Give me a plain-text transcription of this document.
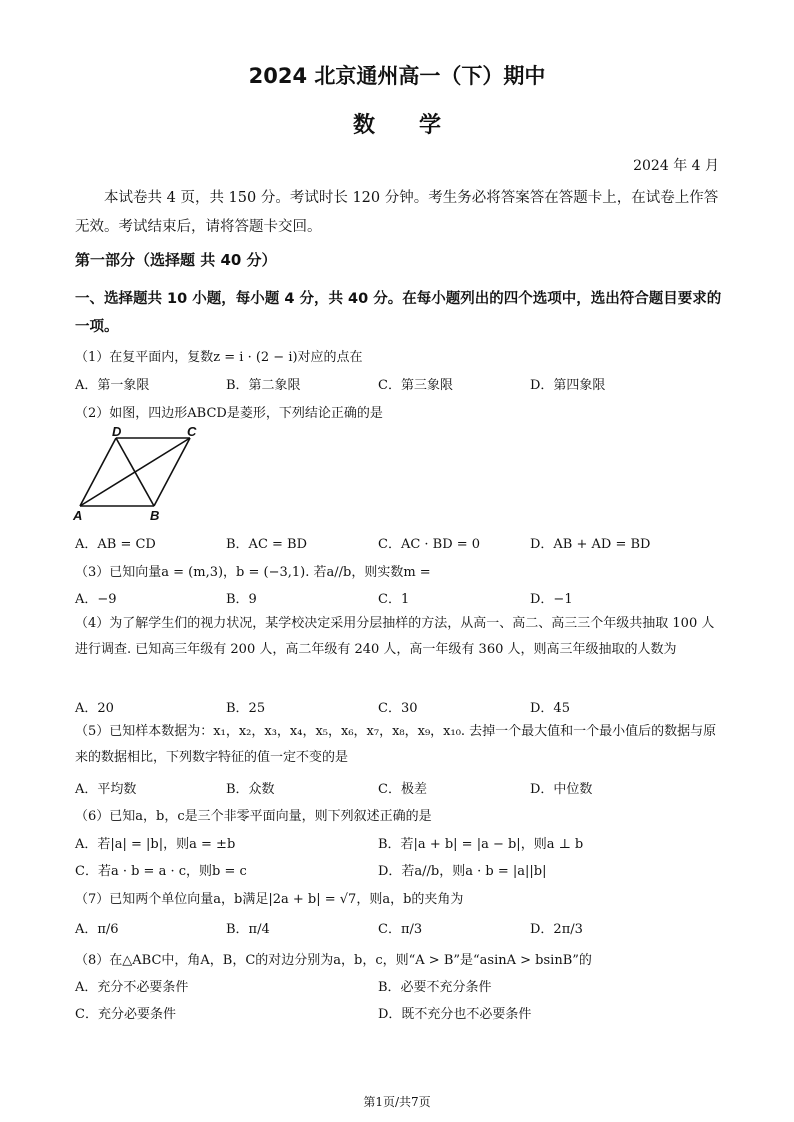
2024 北京通州高一（下）期中
数　　学
2024 年 4 月
本试卷共 4 页，共 150 分。考试时长 120 分钟。考生务必将答案答在答题卡上，在试卷上作答无效。考试结束后，请将答题卡交回。
第一部分（选择题 共 40 分）
一、选择题共 10 小题，每小题 4 分，共 40 分。在每小题列出的四个选项中，选出符合题目要求的一项。
（1）在复平面内，复数z = i · (2 − i)对应的点在
A．第一象限	B．第二象限	C．第三象限	D．第四象限
（2）如图，四边形ABCD是菱形，下列结论正确的是
D	C
A	B
A．AB = CD	B．AC = BD	C．AC · BD = 0	D．AB + AD = BD
（3）已知向量a = (m,3)，b = (−3,1). 若a//b，则实数m =
A．−9	B．9	C．1	D．−1
（4）为了解学生们的视力状况，某学校决定采用分层抽样的方法，从高一、高二、高三三个年级共抽取 100 人进行调查. 已知高三年级有 200 人，高二年级有 240 人，高一年级有 360 人，则高三年级抽取的人数为
A．20	B．25	C．30	D．45
（5）已知样本数据为：x₁，x₂，x₃，x₄，x₅，x₆，x₇，x₈，x₉，x₁₀. 去掉一个最大值和一个最小值后的数据与原来的数据相比，下列数字特征的值一定不变的是
A．平均数	B．众数	C．极差	D．中位数
（6）已知a，b，c是三个非零平面向量，则下列叙述正确的是
A．若|a| = |b|，则a = ±b	B．若|a + b| = |a − b|，则a ⊥ b
C．若a · b = a · c，则b = c	D．若a//b，则a · b = |a||b|
（7）已知两个单位向量a，b满足|2a + b| = √7，则a，b的夹角为
A．π/6	B．π/4	C．π/3	D．2π/3
（8）在△ABC中，角A，B，C的对边分别为a，b，c，则“A > B”是“asinA > bsinB”的
A．充分不必要条件	B．必要不充分条件
C．充分必要条件	D．既不充分也不必要条件
第1页/共7页
